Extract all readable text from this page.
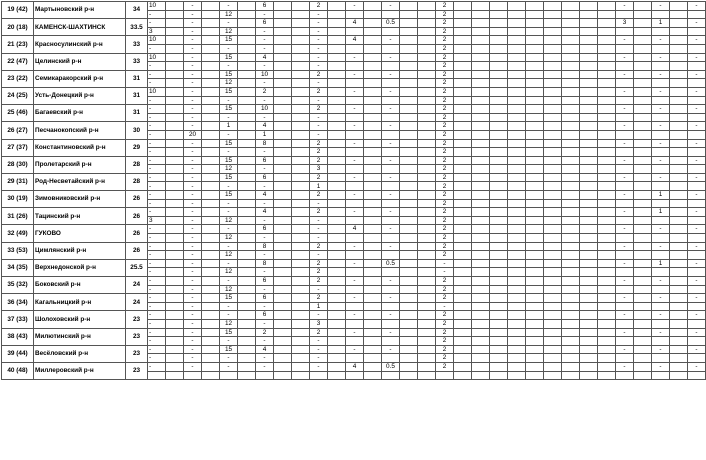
19 (42)	Мартыновский р-н	34	10		-		-		6			2		-		-			2										-		-		-
			-		-		12		-			-							2														
20 (18)	КАМЕНСК-ШАХТИНСК	33.5	-		-		-		6			-		4		0.5			2										3		1		-
			3		-		12		-			-							2														
21 (23)	Красносулинский р-н	33	10		-		15		-			-		4		-			2										-		-		-
			-		-		-		-			-							2														
22 (47)	Целинский р-н	33	10		-		15		4			-		-		-			2										-		-		-
			-		-		-		-			-							2														
23 (22)	Семикаракорский р-н	31	-		-		15		10			2		-		-			2										-		-		-
			-		-		12		-			-							2														
24 (25)	Усть-Донецкий р-н	31	10		-		15		2			2		-		-			2										-		-		-
			-		-		-		-			-							2														
25 (46)	Багаевский р-н	31	-		-		15		10			2		-		-			2										-		-		-
			-		-		-		-			-							2														
26 (27)	Песчанокопский р-н	30	-		-		1		4			-		-		-			2										-		-		-
			-		20		-		1			-							2														
27 (37)	Константиновский р-н	29	-		-		15		8			2		-		-			2										-		-		-
			-		-		-		-			2							2														
28 (30)	Пролетарский р-н	28	-		-		15		6			2		-		-			2										-		-		-
			-		-		12		-			3							2														
29 (31)	Род-Несветайский р-н	28	-		-		15		6			2		-		-			2										-		-		-
			-		-		-		-			1							2														
30 (19)	Зимовниковский р-н	26	-		-		15		4			2		-		-			2										-		1		-
			-		-		-		-			-							2														
31 (26)	Тацинский р-н	26	-		-		-		4			2		-		-			2										-		1		-
			3		-		12		-			-							2														
32 (49)	ГУКОВО	26	-		-		-		6			-		4		-			2										-		-		-
			-		-		12		-			-							2														
33 (53)	Цимлянский р-н	26	-		-		-		8			2		-		-			2										-		-		-
			-		-		12		-			-							2														
34 (35)	Верхнедонской р-н	25.5	-		-		-		8			2		-		0.5			-										-		1		-
			-		-		12		-			2							-														
35 (32)	Боковский р-н	24	-		-		-		6			2		-		-			2										-		-		-
			-		-		12		-			-							2														
36 (34)	Кагальницкий р-н	24	-		-		15		6			2		-		-			2										-		-		-
			-		-		-		-			1							-														
37 (33)	Шолоховский р-н	23	-		-		-		6			-		-		-			2										-		-		-
			-		-		12		-			3							2														
38 (43)	Милютинский р-н	23	-		-		15		2			2		-		-			2										-		-		-
			-		-		-		-			-							2														
39 (44)	Весёловский р-н	23	-		-		15		4			-		-		-			2										-		-		-
			-		-		-		-			-							2														
40 (48)	Миллеровский р-н	23	-		-		-		-			-		4		0.5			2										-		-		-
